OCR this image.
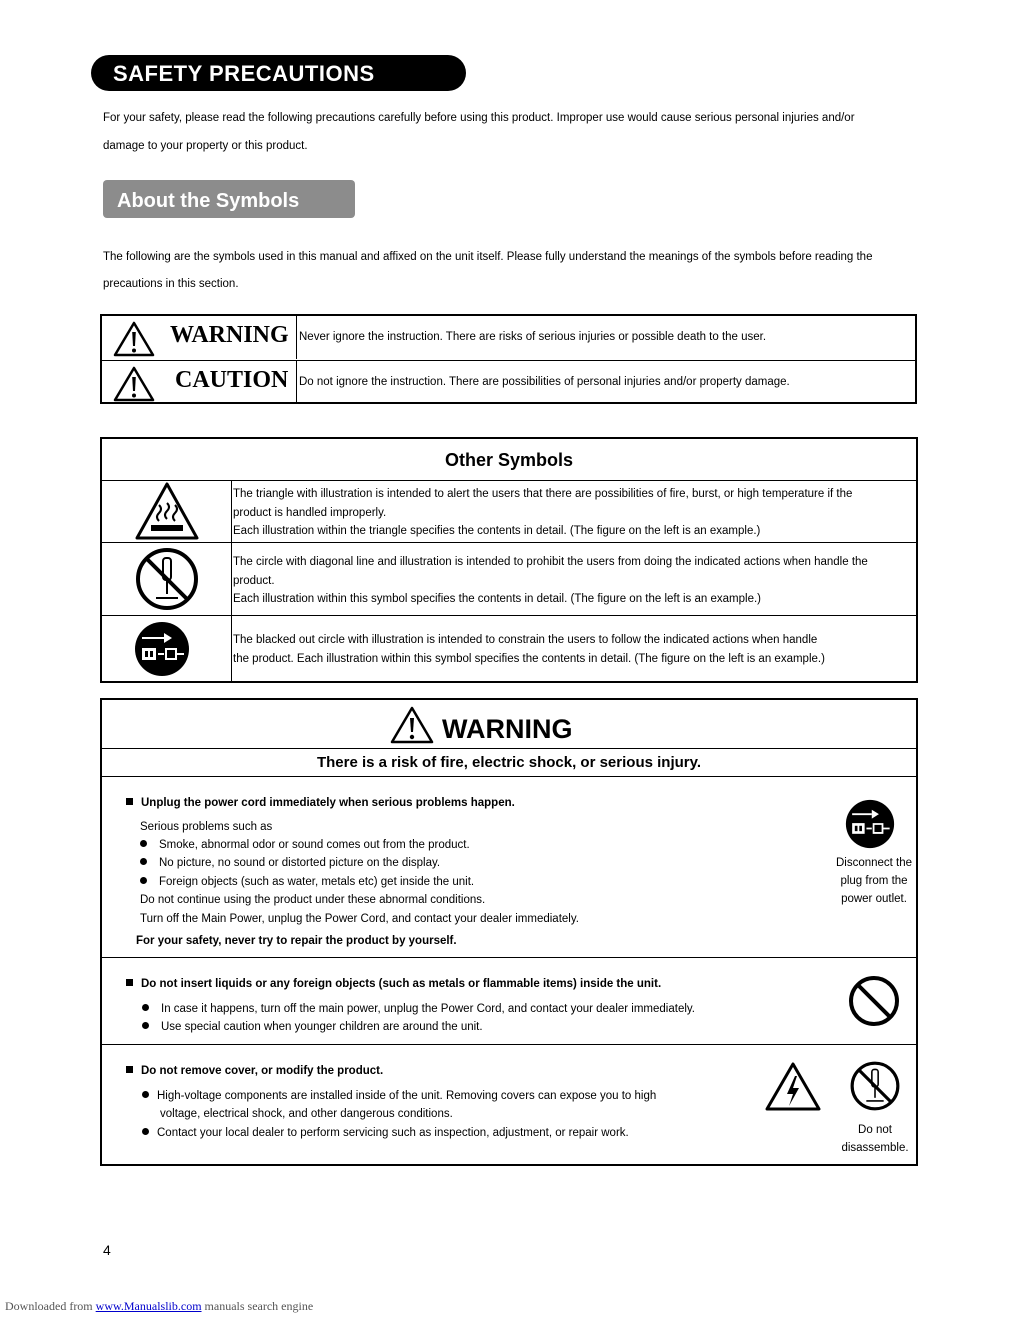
SAFETY PRECAUTIONS
For your safety, please read the following precautions carefully before using this product. Improper use would cause serious personal injuries and/or
damage to your property or this product.
About the Symbols
The following are the symbols used in this manual and affixed on the unit itself. Please fully understand the meanings of the symbols before reading the
precautions in this section.
WARNING Never ignore the instruction. There are risks of serious injuries or possible death to the user.
CAUTION Do not ignore the instruction. There are possibilities of personal injuries and/or property damage.
Other Symbols
The triangle with illustration is intended to alert the users that there are possibilities of fire, burst, or high temperature if the
product is handled improperly.
Each illustration within the triangle specifies the contents in detail. (The figure on the left is an example.)
The circle with diagonal line and illustration is intended to prohibit the users from doing the indicated actions when handle the
product.
Each illustration within this symbol specifies the contents in detail. (The figure on the left is an example.)
The blacked out circle with illustration is intended to constrain the users to follow the indicated actions when handle
the product. Each illustration within this symbol specifies the contents in detail. (The figure on the left is an example.)
WARNING
There is a risk of fire, electric shock, or serious injury.
Unplug the power cord immediately when serious problems happen.
Serious problems such as
Smoke, abnormal odor or sound comes out from the product.
No picture, no sound or distorted picture on the display.
Foreign objects (such as water, metals etc) get inside the unit.
Do not continue using the product under these abnormal conditions.
Turn off the Main Power, unplug the Power Cord, and contact your dealer immediately.
For your safety, never try to repair the product by yourself.
Disconnect the
plug from the
power outlet.
Do not insert liquids or any foreign objects (such as metals or flammable items) inside the unit.
In case it happens, turn off the main power, unplug the Power Cord, and contact your dealer immediately.
Use special caution when younger children are around the unit.
Do not remove cover, or modify the product.
High-voltage components are installed inside of the unit. Removing covers can expose you to high
voltage, electrical shock, and other dangerous conditions.
Contact your local dealer to perform servicing such as inspection, adjustment, or repair work.	Do not
disassemble.
4
Downloaded from www.Manualslib.com manuals search engine
